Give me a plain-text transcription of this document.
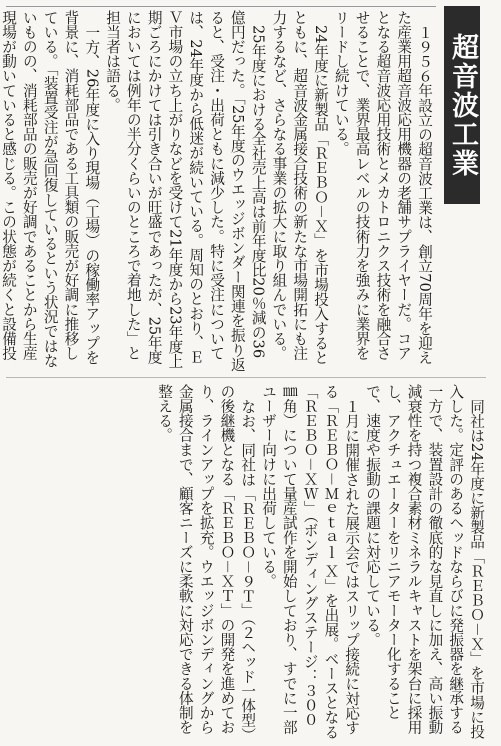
超音波工業

１９５６年設立の超音波工業は、創立70周年を迎えた産業用超音波応用機器の老舗サプライヤーだ。コアとなる超音波応用技術とメカトロニクス技術を融合させることで、業界最高レベルの技術力を強みに業界をリードし続けている。

24年度に新製品「ＲＥＢＯ－Ｘ」を市場投入するとともに、超音波金属接合技術の新たな市場開拓にも注力するなど、さらなる事業の拡大に取り組んでいる。

25年度における全社売上高は前年度比20％減の36億円だった。「25年度のウエッジボンダー関連を振り返ると、受注・出荷ともに減少した。特に受注については、24年度から低迷が続いている。周知のとおり、ＥＶ市場の立ち上がりなどを受けて21年度から23年度上期ごろにかけては引き合いが旺盛であったが、25年度においては例年の半分くらいのところで着地した」と担当者は語る。

一方、26年度に入り現場（工場）の稼働率アップを背景に、消耗部品である工具類の販売が好調に推移している。「装置受注が急回復しているという状況ではないものの、消耗部品の販売が好調であることから生産現場が動いていると感じる。この状態が続くと設備投

同社は24年度に新製品「ＲＥＢＯ－Ｘ」を市場に投入した。定評のあるヘッドならびに発振器を継承する一方で、装置設計の徹底的な見直しに加え、高い振動減衰性を持つ複合素材ミネラルキャストを架台に採用し、アクチュエーターをリニアモーター化することで、速度や振動の課題に対応している。

１月に開催された展示会ではスリップ接続に対応する「ＲＥＢＯ－Ｍｅｔａｌ Ｘ」を出展。ベースとなる「ＲＥＢＯ－ＸＷ」（ボンディングステージ：３００㎜角）について量産試作を開始しており、すでに一部ユーザー向けに出荷している。

なお、同社は「ＲＥＢＯ－９Ｔ」（２ヘッド一体型）の後継機となる「ＲＥＢＯ－ＸＴ」の開発を進めており、ラインアップを拡充。ウエッジボンディングから金属接合まで、顧客ニーズに柔軟に対応できる体制を整える。
